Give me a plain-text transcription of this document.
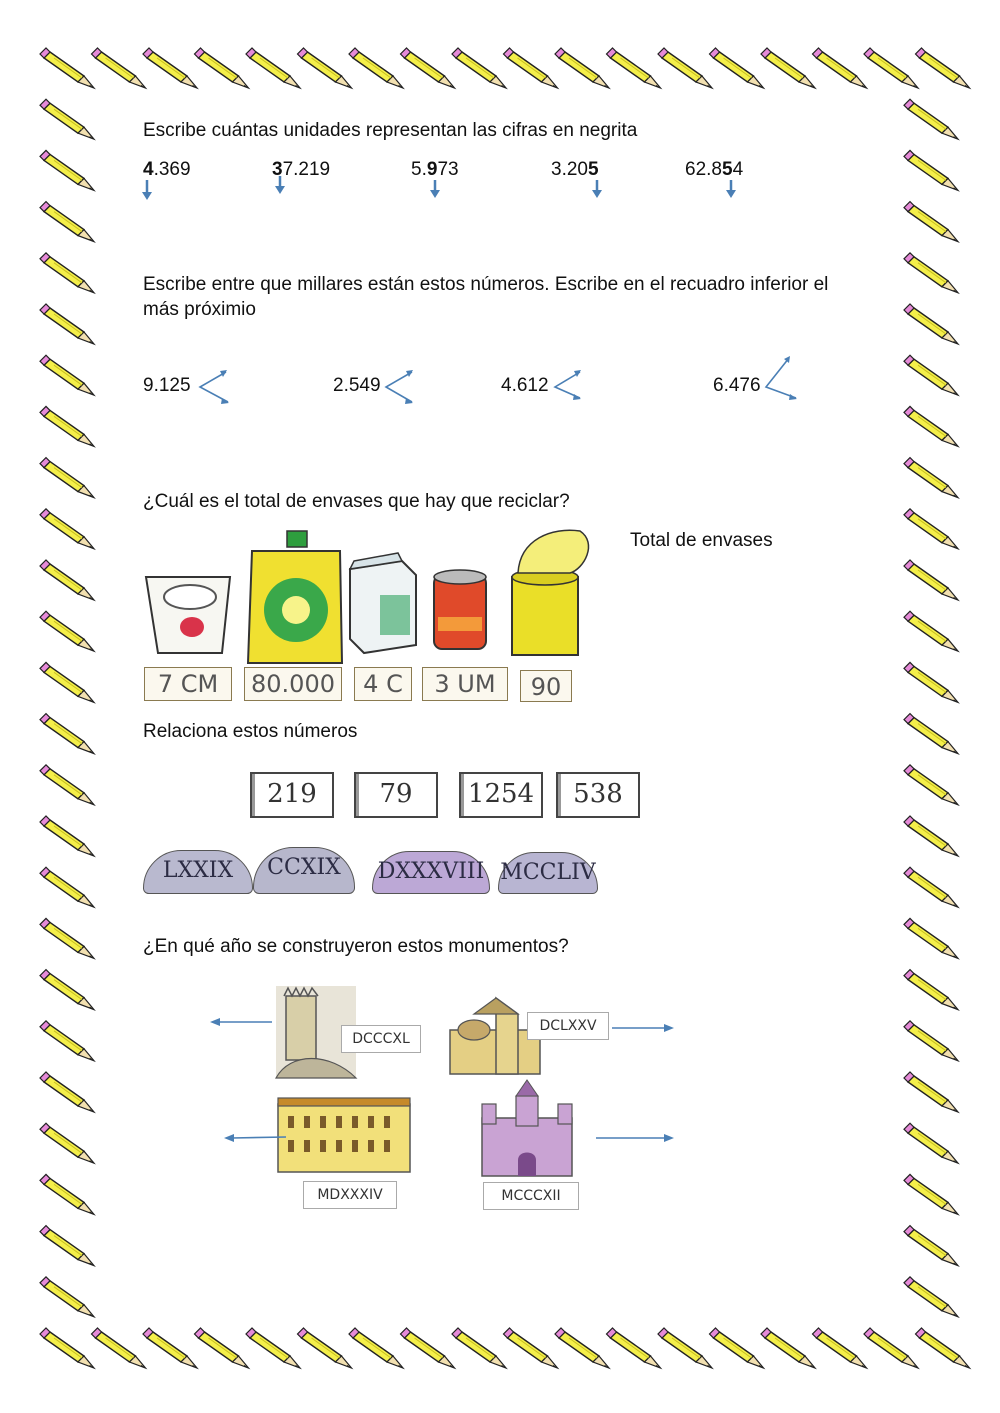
Escribe cuántas unidades representan las cifras en negrita
4.369	37.219	5.973	3.205	62.854
Escribe entre que millares están estos números. Escribe en el recuadro inferior el más próximio
9.125	2.549	4.612	6.476
¿Cuál es el total de envases que hay que reciclar?
Total de envases
7 CM	80.000	4 C	3 UM	90
Relaciona estos números
219	79	1254	538
LXXIX	CCXIX	DXXXVIII MCCLIV
¿En qué año se construyeron estos monumentos?
DCCCXL
DCLXXV
MDXXXIV	MCCCXII
